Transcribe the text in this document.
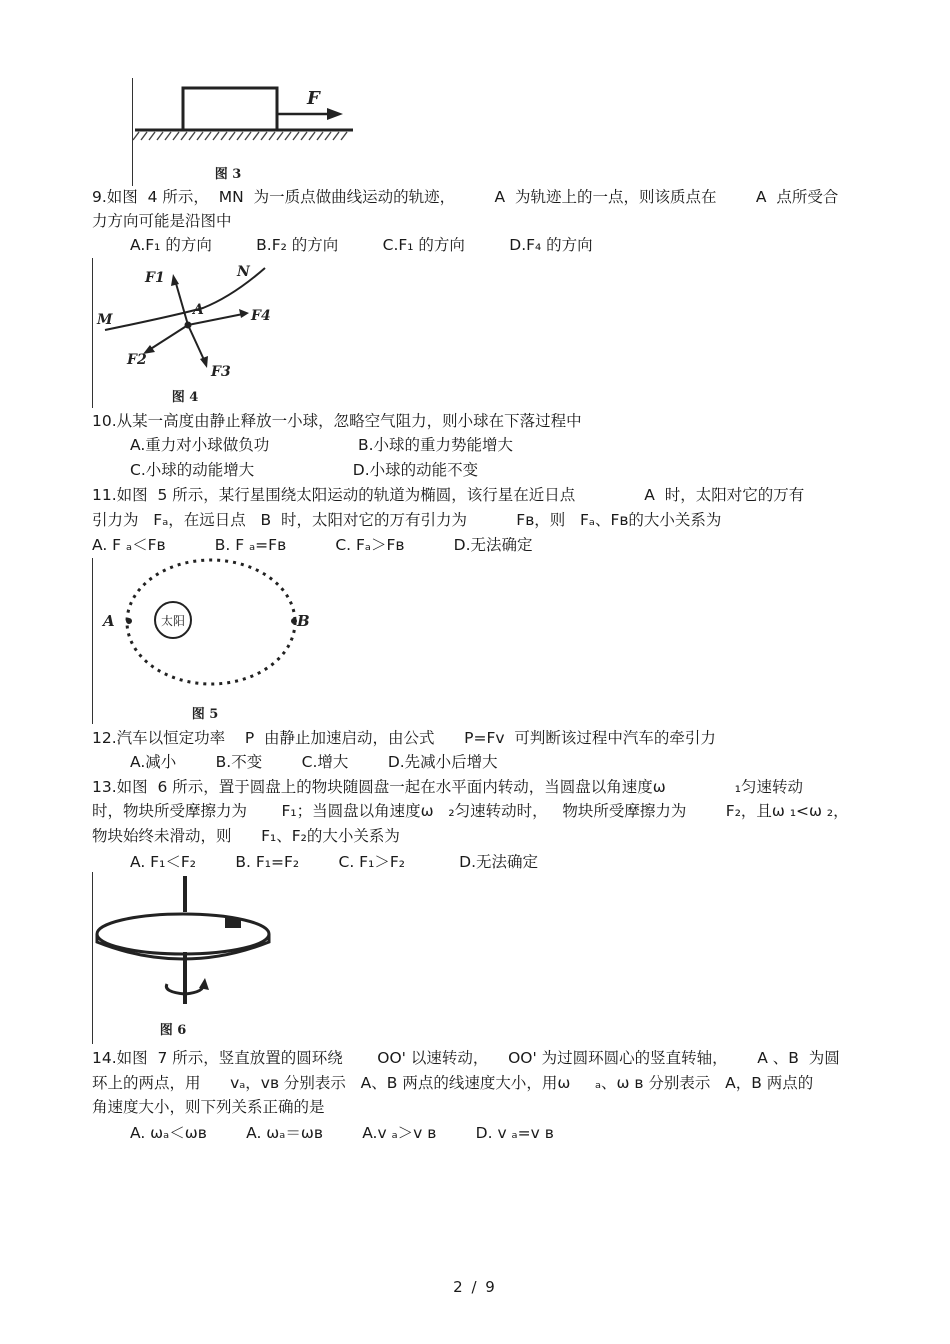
F
图 3
9.如图  4 所示，  MN  为一质点做曲线运动的轨迹，        A  为轨迹上的一点，则该质点在        A  点所受合
力方向可能是沿图中
A.F₁ 的方向         B.F₂ 的方向         C.F₁ 的方向         D.F₄ 的方向
F1	N
A
M	F4
F2
F3
图 4
10.从某一高度由静止释放一小球，忽略空气阻力，则小球在下落过程中
A.重力对小球做负功                  B.小球的重力势能增大
C.小球的动能增大                    D.小球的动能不变
11.如图  5 所示，某行星围绕太阳运动的轨道为椭圆，该行星在近日点              A  时，太阳对它的万有
引力为   Fₐ，在远日点   B  时，太阳对它的万有引力为          Fʙ，则   Fₐ、Fʙ的大小关系为
A. F ₐ＜Fʙ          B. F ₐ=Fʙ          C. Fₐ＞Fʙ          D.无法确定
太阳
A	B
图 5
12.汽车以恒定功率    P  由静止加速启动，由公式      P=Fv  可判断该过程中汽车的牵引力
A.减小        B.不变        C.增大        D.先减小后增大
13.如图  6 所示，置于圆盘上的物块随圆盘一起在水平面内转动，当圆盘以角速度ω              ₁匀速转动
时，物块所受摩擦力为       F₁；当圆盘以角速度ω   ₂匀速转动时，   物块所受摩擦力为        F₂，且ω ₁<ω ₂，
物块始终未滑动，则      F₁、F₂的大小关系为
A. F₁＜F₂        B. F₁=F₂        C. F₁＞F₂           D.无法确定
图 6
14.如图  7 所示，竖直放置的圆环绕       OO' 以速转动，    OO' 为过圆环圆心的竖直转轴，      A 、B  为圆
环上的两点，用      vₐ，vʙ 分别表示   A、B 两点的线速度大小，用ω     ₐ、ω ʙ 分别表示   A，B 两点的
角速度大小，则下列关系正确的是
A. ωₐ＜ωʙ        A. ωₐ＝ωʙ        A.v ₐ＞v ʙ        D. v ₐ=v ʙ
2 / 9
